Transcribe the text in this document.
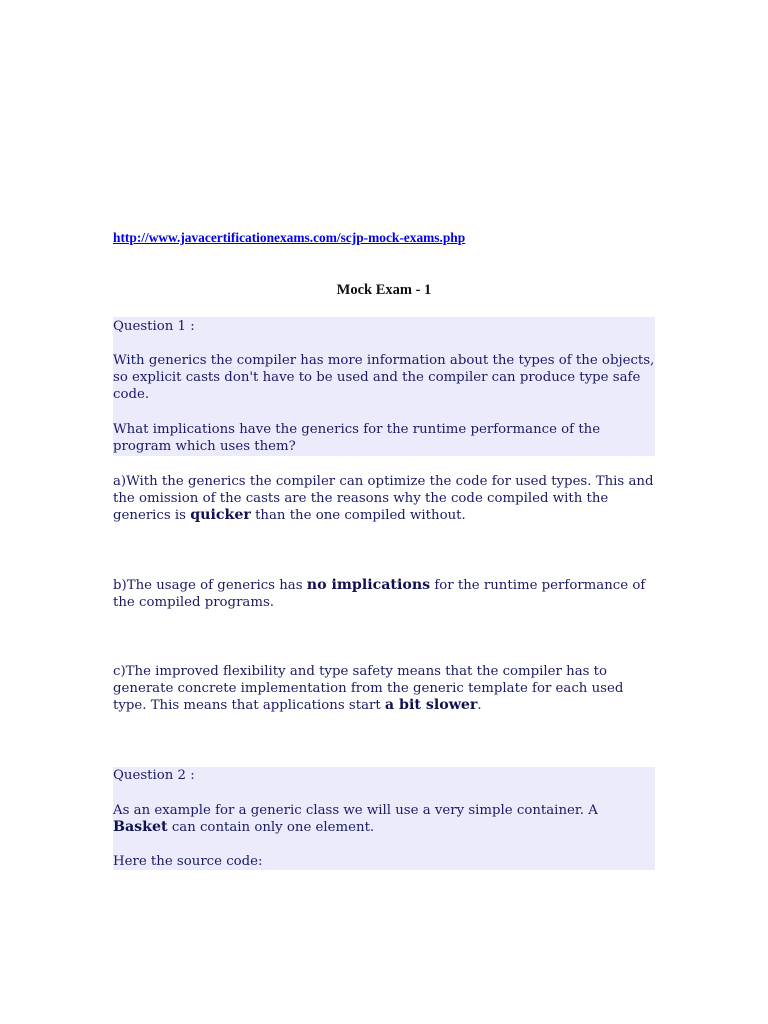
http://www.javacertificationexams.com/scjp-mock-exams.php
Mock Exam - 1
Question 1 :
With generics the compiler has more information about the types of the objects, so explicit casts don't have to be used and the compiler can produce type safe code.
What implications have the generics for the runtime performance of the program which uses them?
a)With the generics the compiler can optimize the code for used types. This and the omission of the casts are the reasons why the code compiled with the generics is quicker than the one compiled without.
b)The usage of generics has no implications for the runtime performance of the compiled programs.
c)The improved flexibility and type safety means that the compiler has to generate concrete implementation from the generic template for each used type. This means that applications start a bit slower.
Question 2 :
As an example for a generic class we will use a very simple container. A Basket can contain only one element.
Here the source code:
